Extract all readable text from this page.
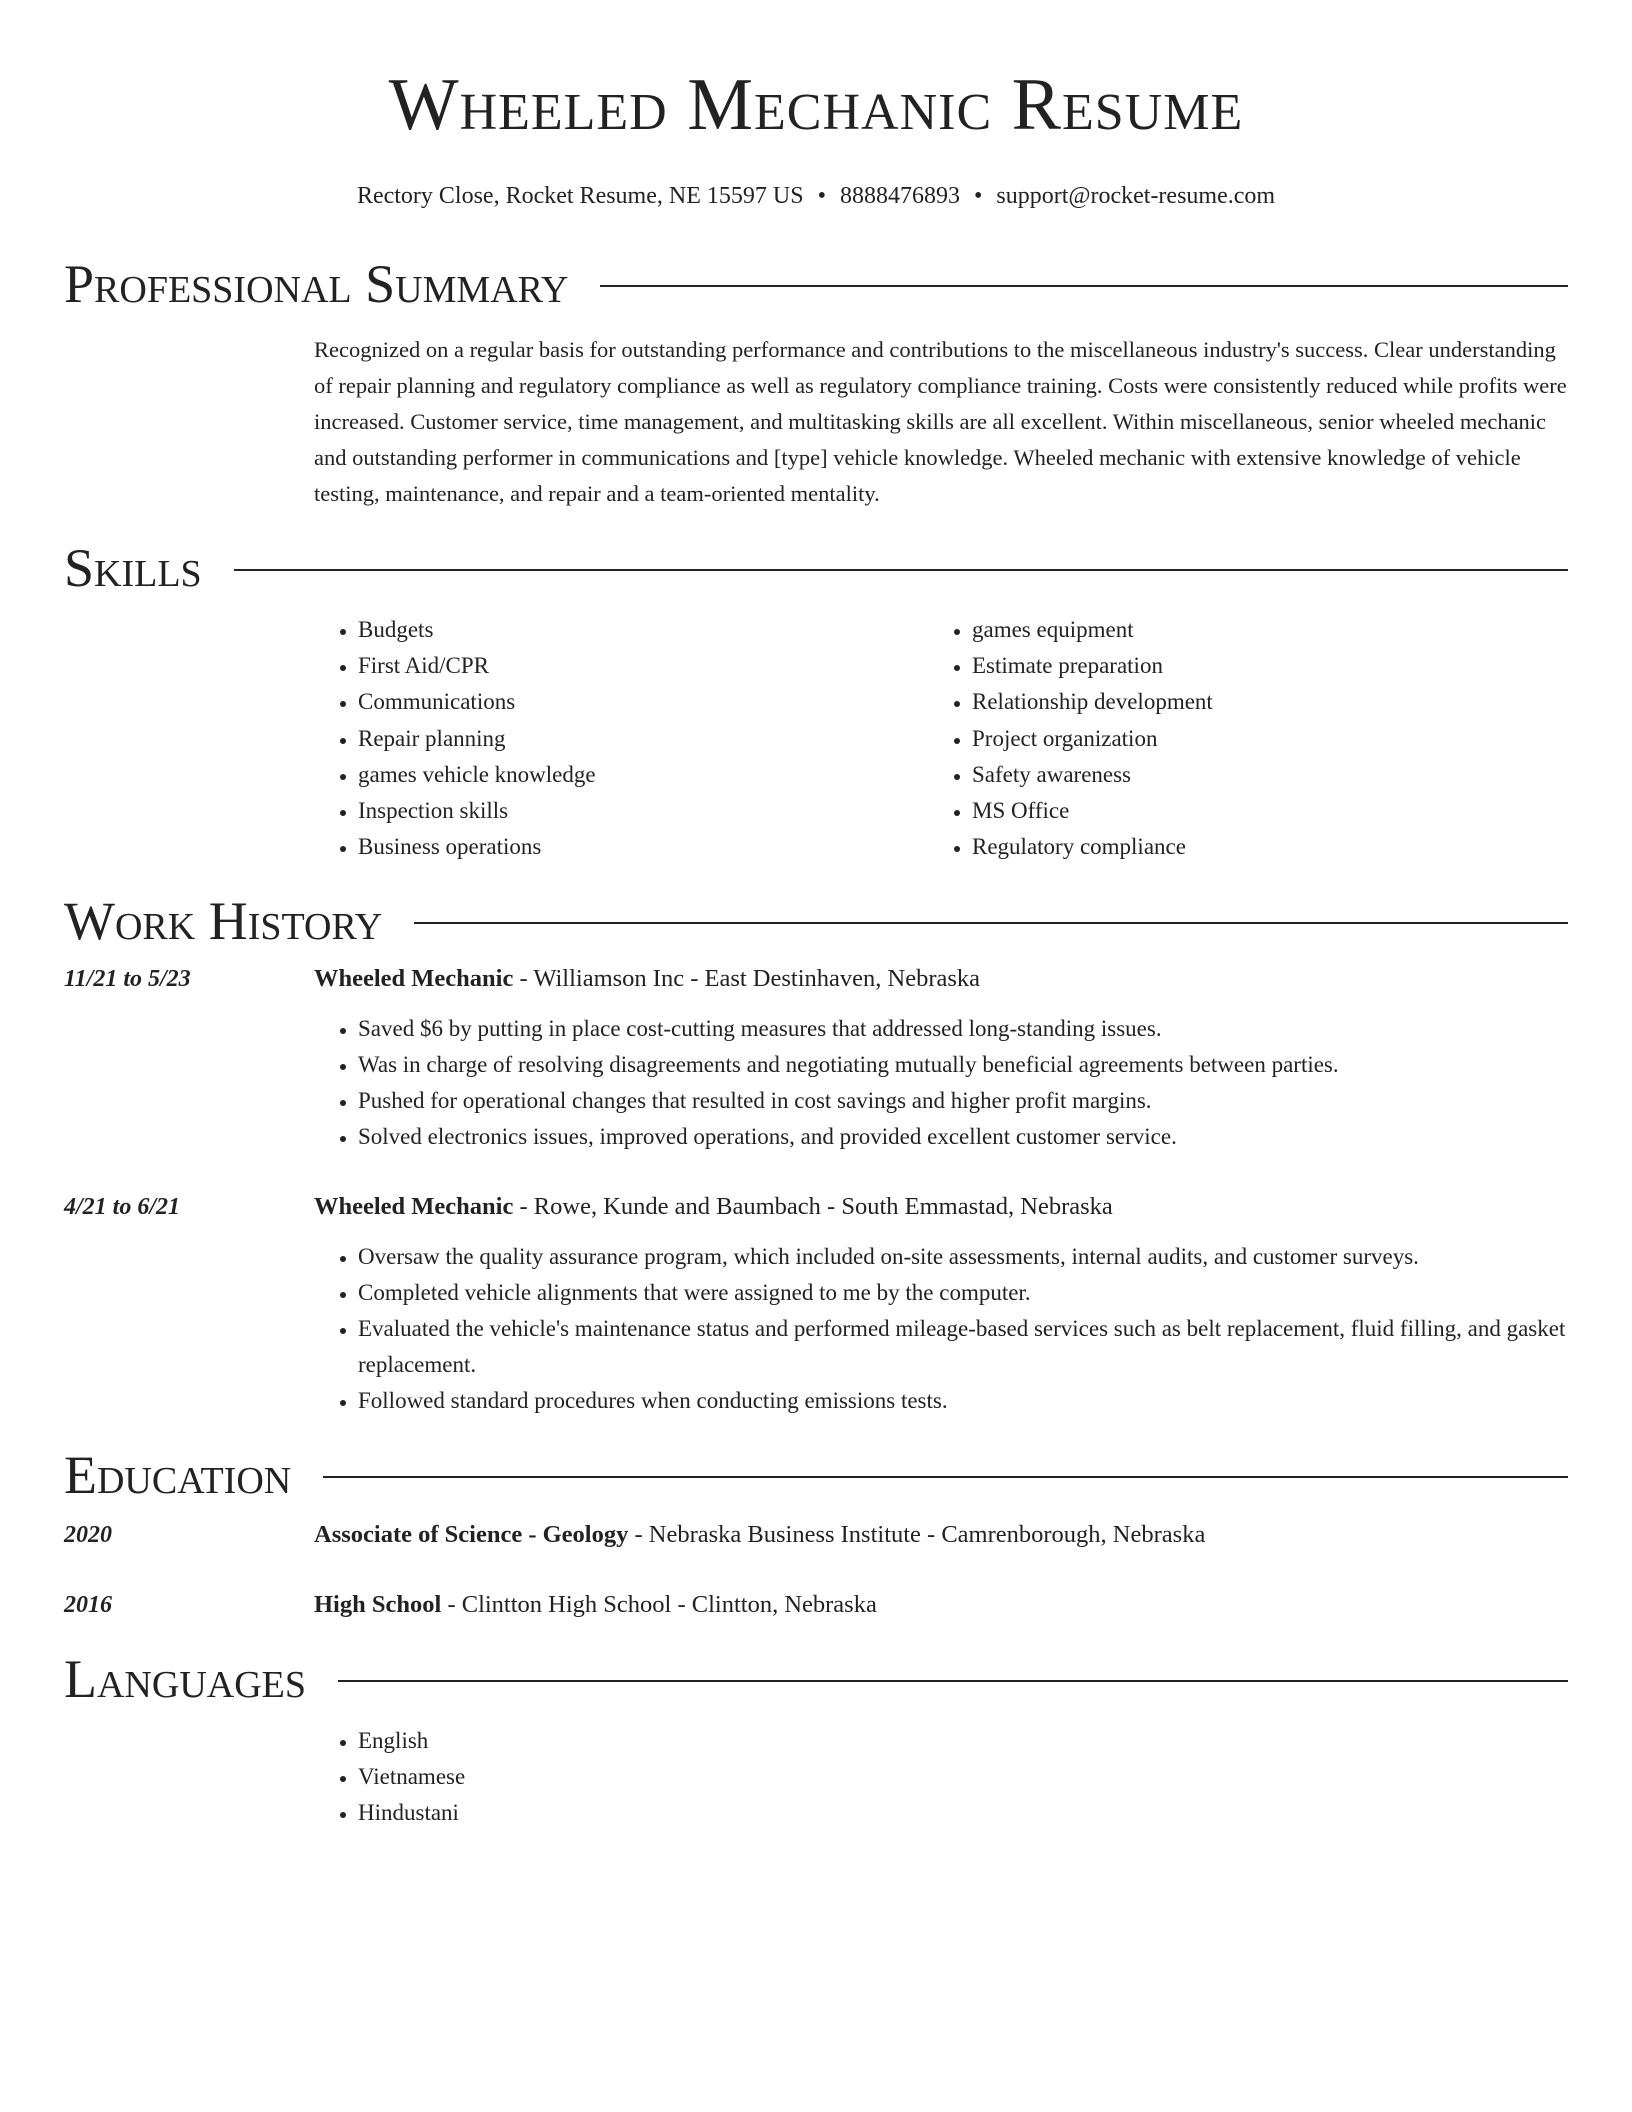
Wheeled Mechanic Resume
Rectory Close, Rocket Resume, NE 15597 US • 8888476893 • support@rocket-resume.com
Professional Summary
Recognized on a regular basis for outstanding performance and contributions to the miscellaneous industry's success. Clear understanding of repair planning and regulatory compliance as well as regulatory compliance training. Costs were consistently reduced while profits were increased. Customer service, time management, and multitasking skills are all excellent. Within miscellaneous, senior wheeled mechanic and outstanding performer in communications and [type] vehicle knowledge. Wheeled mechanic with extensive knowledge of vehicle testing, maintenance, and repair and a team-oriented mentality.
Skills
• Budgets
• First Aid/CPR
• Communications
• Repair planning
• games vehicle knowledge
• Inspection skills
• Business operations
• games equipment
• Estimate preparation
• Relationship development
• Project organization
• Safety awareness
• MS Office
• Regulatory compliance
Work History
11/21 to 5/23	Wheeled Mechanic - Williamson Inc - East Destinhaven, Nebraska
• Saved $6 by putting in place cost-cutting measures that addressed long-standing issues.
• Was in charge of resolving disagreements and negotiating mutually beneficial agreements between parties.
• Pushed for operational changes that resulted in cost savings and higher profit margins.
• Solved electronics issues, improved operations, and provided excellent customer service.
4/21 to 6/21	Wheeled Mechanic - Rowe, Kunde and Baumbach - South Emmastad, Nebraska
• Oversaw the quality assurance program, which included on-site assessments, internal audits, and customer surveys.
• Completed vehicle alignments that were assigned to me by the computer.
• Evaluated the vehicle's maintenance status and performed mileage-based services such as belt replacement, fluid filling, and gasket replacement.
• Followed standard procedures when conducting emissions tests.
Education
2020	Associate of Science - Geology - Nebraska Business Institute - Camrenborough, Nebraska
2016	High School - Clintton High School - Clintton, Nebraska
Languages
• English
• Vietnamese
• Hindustani
